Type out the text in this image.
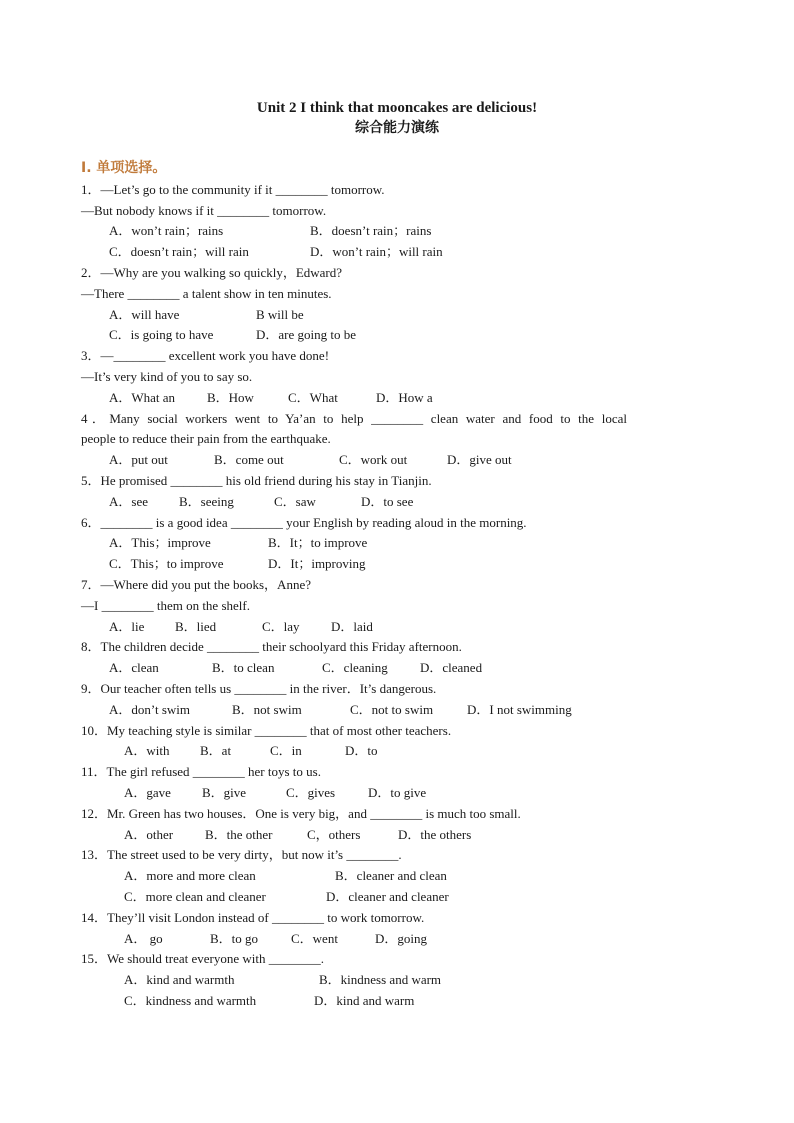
Unit 2 I think that mooncakes are delicious!
综合能力演练
I. 单项选择。
1．—Let’s go to the community if it ________ tomorrow.
—But nobody knows if it ________ tomorrow.
A．won’t rain；rains	B．doesn’t rain；rains
C．doesn’t rain；will rain	D．won’t rain；will rain
2．—Why are you walking so quickly，Edward?
—There ________ a talent show in ten minutes.
A．will have	B will be
C．is going to have	D．are going to be
3．—________ excellent work you have done!
—It’s very kind of you to say so.
A．What an B．How	C．What	D．How a
4．Many social workers went to Ya’an to help ________ clean water and food to the local
people to reduce their pain from the earthquake.
A．put out	B．come out	C．work out	D．give out
5．He promised ________ his old friend during his stay in Tianjin.
A．see B．seeing	C．saw	D．to see
6．________ is a good idea ________ your English by reading aloud in the morning.
A．This；improve	B．It；to improve
C．This；to improve	D．It；improving
7．—Where did you put the books，Anne?
—I ________ them on the shelf.
A．lie B．lied	C．lay D．laid
8．The children decide ________ their schoolyard this Friday afternoon.
A．clean	B．to clean	C．cleaning D．cleaned
9．Our teacher often tells us ________ in the river．It’s dangerous.
A．don’t swim	B．not swim	C．not to swim	D．I not swimming
10．My teaching style is similar ________ that of most other teachers.
A．with B．at	C．in	D．to
11．The girl refused ________ her toys to us.
A．gave B．give	C．gives	D．to give
12．Mr. Green has two houses．One is very big，and ________ is much too small.
A．other B．the other	C，others	D．the others
13．The street used to be very dirty，but now it’s ________.
A．more and more clean	B．cleaner and clean
C．more clean and cleaner	D．cleaner and cleaner
14．They’ll visit London instead of ________ to work tomorrow.
A． go	B．to go	C．went	D．going
15．We should treat everyone with ________.
A．kind and warmth	B．kindness and warm
C．kindness and warmth	D．kind and warm
